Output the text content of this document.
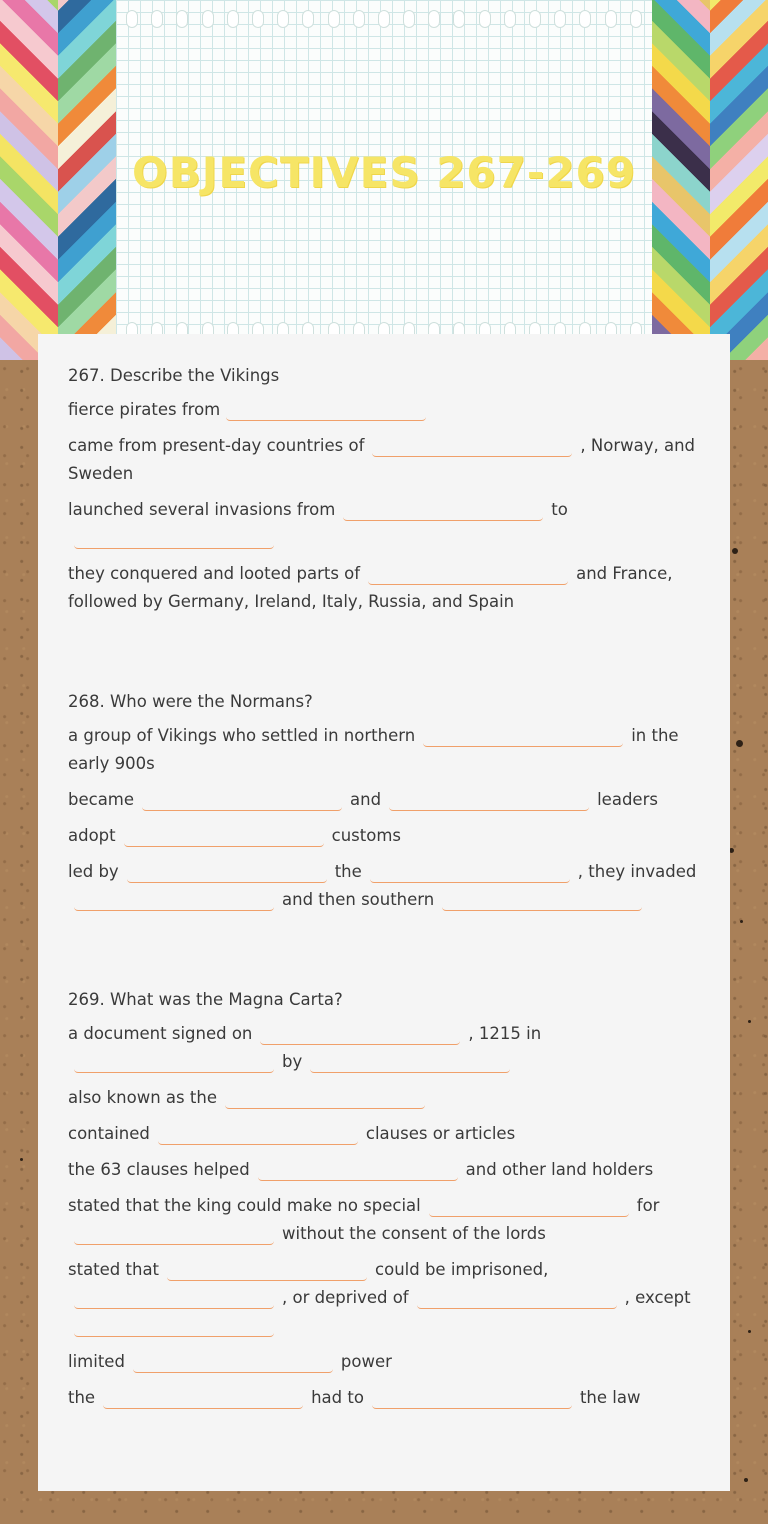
OBJECTIVES 267-269

267. Describe the Vikings

fierce pirates from

came from present-day countries of	, Norway, and Sweden

launched several invasions from	to

they conquered and looted parts of	and France, followed by Germany, Ireland, Italy, Russia, and Spain

268. Who were the Normans?

a group of Vikings who settled in northern	in the early 900s

became	and	leaders

adopt	customs

led by	the	, they invaded
and then southern

269. What was the Magna Carta?

a document signed on	, 1215 in
by

also known as the

contained	clauses or articles

the 63 clauses helped	and other land holders

stated that the king could make no special	for
without the consent of the lords

stated that	could be imprisoned,
, or deprived of	, except

limited	power

the	had to	the law
